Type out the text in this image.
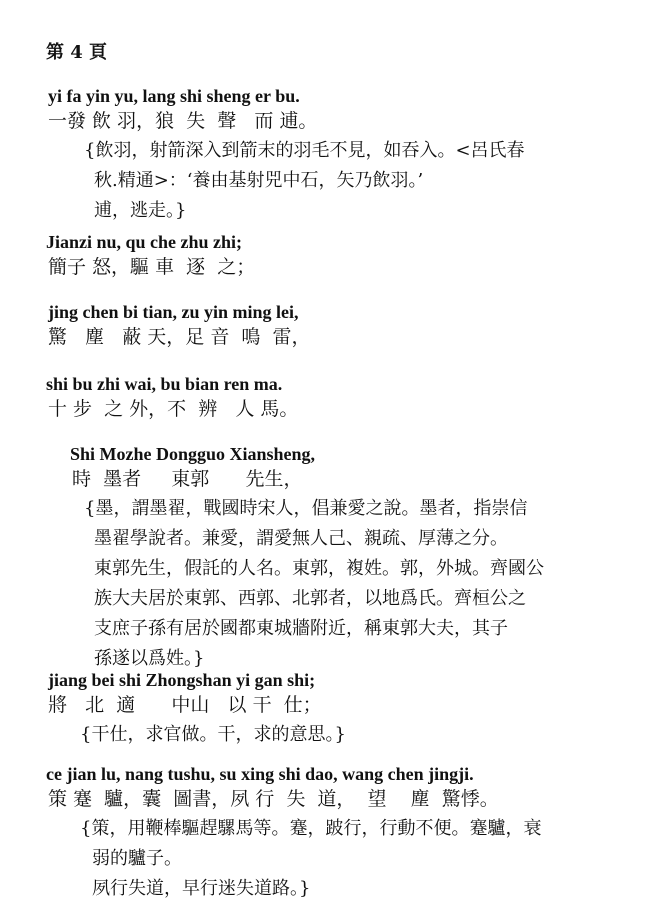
第 4 頁

yi fa yin yu, lang shi sheng er bu.

一發 飲 羽，狼  失  聲   而 逋。

{飲羽，射箭深入到箭末的羽毛不見，如吞入。<呂氏春

秋.精通>：‘養由基射兕中石，矢乃飲羽。’

逋，逃走。}

Jianzi nu, qu che zhu zhi;

簡子 怒，驅 車  逐  之；

jing chen bi tian, zu yin ming lei,

驚   塵   蔽 天，足 音  鳴  雷，

shi bu zhi wai, bu bian ren ma.

十 步  之 外，不  辨   人 馬。

Shi Mozhe Dongguo Xiansheng,

時  墨者     東郭      先生，

{墨，謂墨翟，戰國時宋人，倡兼愛之說。墨者，指崇信

墨翟學說者。兼愛，謂愛無人己、親疏、厚薄之分。

東郭先生，假託的人名。東郭，複姓。郭，外城。齊國公

族大夫居於東郭、西郭、北郭者，以地爲氏。齊桓公之

支庶子孫有居於國都東城牆附近，稱東郭大夫，其子

孫遂以爲姓。}

jiang bei shi Zhongshan yi gan shi;

將   北  適      中山   以 干  仕；

{干仕，求官做。干，求的意思。}

ce jian lu, nang tushu, su xing shi dao, wang chen jingji.

策 蹇  驢，囊  圖書，夙 行  失  道，  望    塵  驚悸。

{策，用鞭棒驅趕騾馬等。蹇，跛行，行動不便。蹇驢，衰

弱的驢子。

夙行失道，早行迷失道路。}
